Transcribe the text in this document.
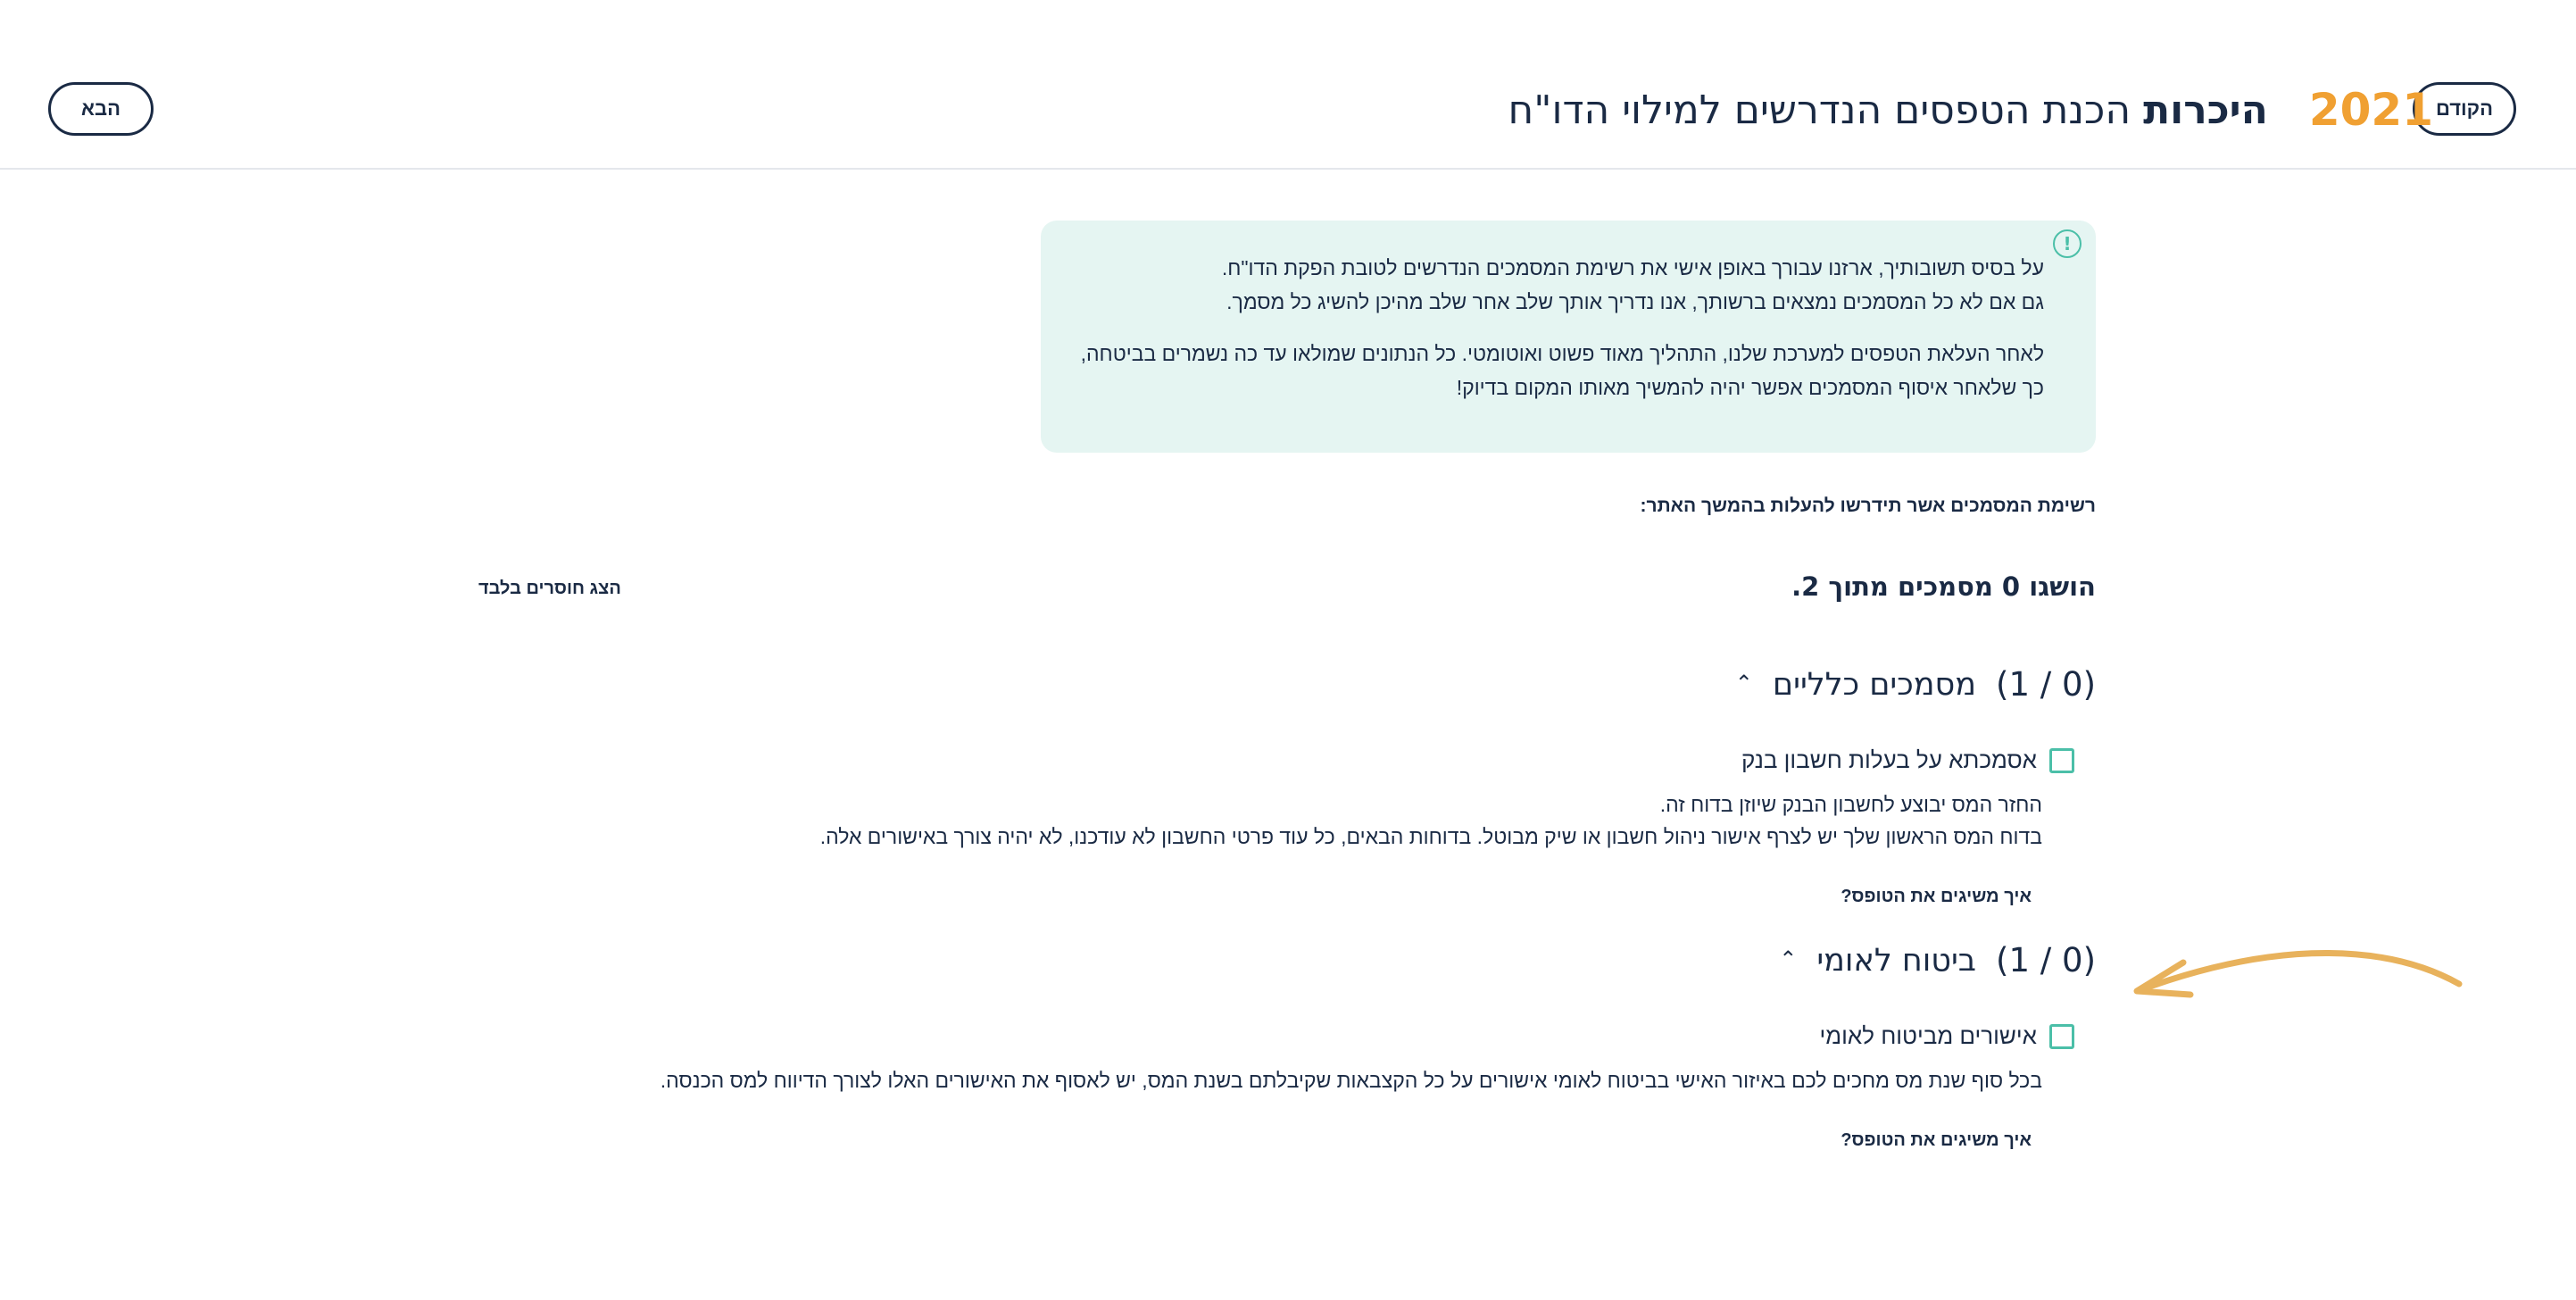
הקודם
2021
היכרות
הכנת הטפסים הנדרשים למילוי הדו"ח
הבא
!

על בסיס תשובותיך, ארזנו עבורך באופן אישי את רשימת המסמכים הנדרשים לטובת הפקת הדו"ח.
גם אם לא כל המסמכים נמצאים ברשותך, אנו נדריך אותך שלב אחר שלב מהיכן להשיג כל מסמך.

לאחר העלאת הטפסים למערכת שלנו, התהליך מאוד פשוט ואוטומטי. כל הנתונים שמולאו עד כה נשמרים בביטחה,
כך שלאחר איסוף המסמכים אפשר יהיה להמשיך מאותו המקום בדיוק!

רשימת המסמכים אשר תידרשו להעלות בהמשך האתר:
הושגו 0 מסמכים מתוך 2.
הצג חוסרים בלבד
(0 / 1)
מסמכים כלליים
⌃
אסמכתא על בעלות חשבון בנק
החזר המס יבוצע לחשבון הבנק שיוזן בדוח זה.
בדוח המס הראשון שלך יש לצרף אישור ניהול חשבון או שיק מבוטל. בדוחות הבאים, כל עוד פרטי החשבון לא עודכנו, לא יהיה צורך באישורים אלה.
איך משיגים את הטופס?
(0 / 1)
ביטוח לאומי
⌃
אישורים מביטוח לאומי
בכל סוף שנת מס מחכים לכם באיזור האישי בביטוח לאומי אישורים על כל הקצבאות שקיבלתם בשנת המס, יש לאסוף את האישורים האלו לצורך הדיווח למס הכנסה.
איך משיגים את הטופס?
